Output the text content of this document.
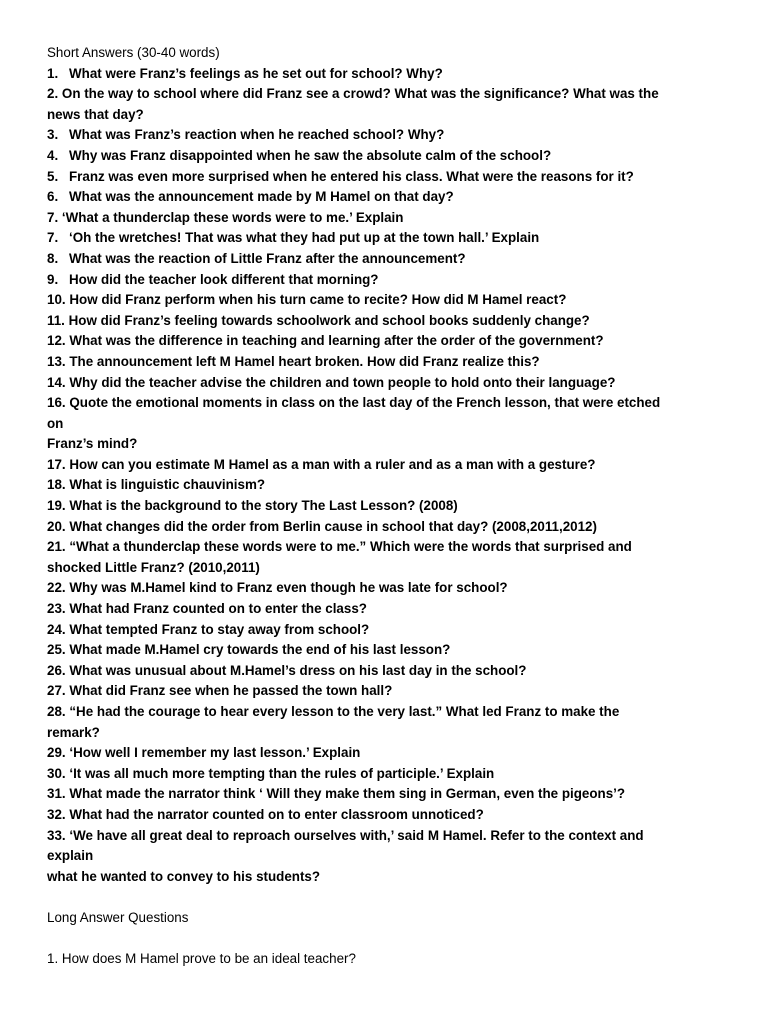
Short Answers (30-40 words)
1. What were Franz’s feelings as he set out for school? Why?
2.
On the way to school where did Franz see a crowd? What was the significance? What was the
news that day?
3. What was Franz’s reaction when he reached school? Why?
4. Why was Franz disappointed when he saw the absolute calm of the school?
5. Franz was even more surprised when he entered his class. What were the reasons for it?
6. What was the announcement made by M Hamel on that day?
7.
‘What a thunderclap these words were to me.’ Explain
7. ‘Oh the wretches! That was what they had put up at the town hall.’ Explain
8. What was the reaction of Little Franz after the announcement?
9. How did the teacher look different that morning?
10.
How did Franz perform when his turn came to recite? How did M Hamel react?
11.
How did Franz’s feeling towards schoolwork and school books suddenly change?
12.
What was the difference in teaching and learning after the order of the government?
13.
The announcement left M Hamel heart broken. How did Franz realize this?
14.
Why did the teacher advise the children and town people to hold onto their language?
16.
Quote the emotional moments in class on the last day of the French lesson, that were etched
on
Franz’s mind?
17.
How can you estimate M Hamel as a man with a ruler and as a man with a gesture?
18.
What is linguistic chauvinism?
19.
What is the background to the story The Last Lesson? (2008)
20.
What changes did the order from Berlin cause in school that day? (2008,2011,2012)
21.
“What a thunderclap these words were to me.” Which were the words that surprised and
shocked Little Franz? (2010,2011)
22.
Why was M.Hamel kind to Franz even though he was late for school?
23.
What had Franz counted on to enter the class?
24.
What tempted Franz to stay away from school?
25.
What made M.Hamel cry towards the end of his last lesson?
26.
What was unusual about M.Hamel’s dress on his last day in the school?
27.
What did Franz see when he passed the town hall?
28.
“He had the courage to hear every lesson to the very last.” What led Franz to make the
remark?
29.
‘How well I remember my last lesson.’ Explain
30.
‘It was all much more tempting than the rules of participle.’ Explain
31.
What made the narrator think ‘ Will they make them sing in German, even the pigeons’?
32.
What had the narrator counted on to enter classroom unnoticed?
33.
‘We have all great deal to reproach ourselves with,’ said M Hamel. Refer to the context and
explain
what he wanted to convey to his students?
Long Answer Questions
1.
How does M Hamel prove to be an ideal teacher?
